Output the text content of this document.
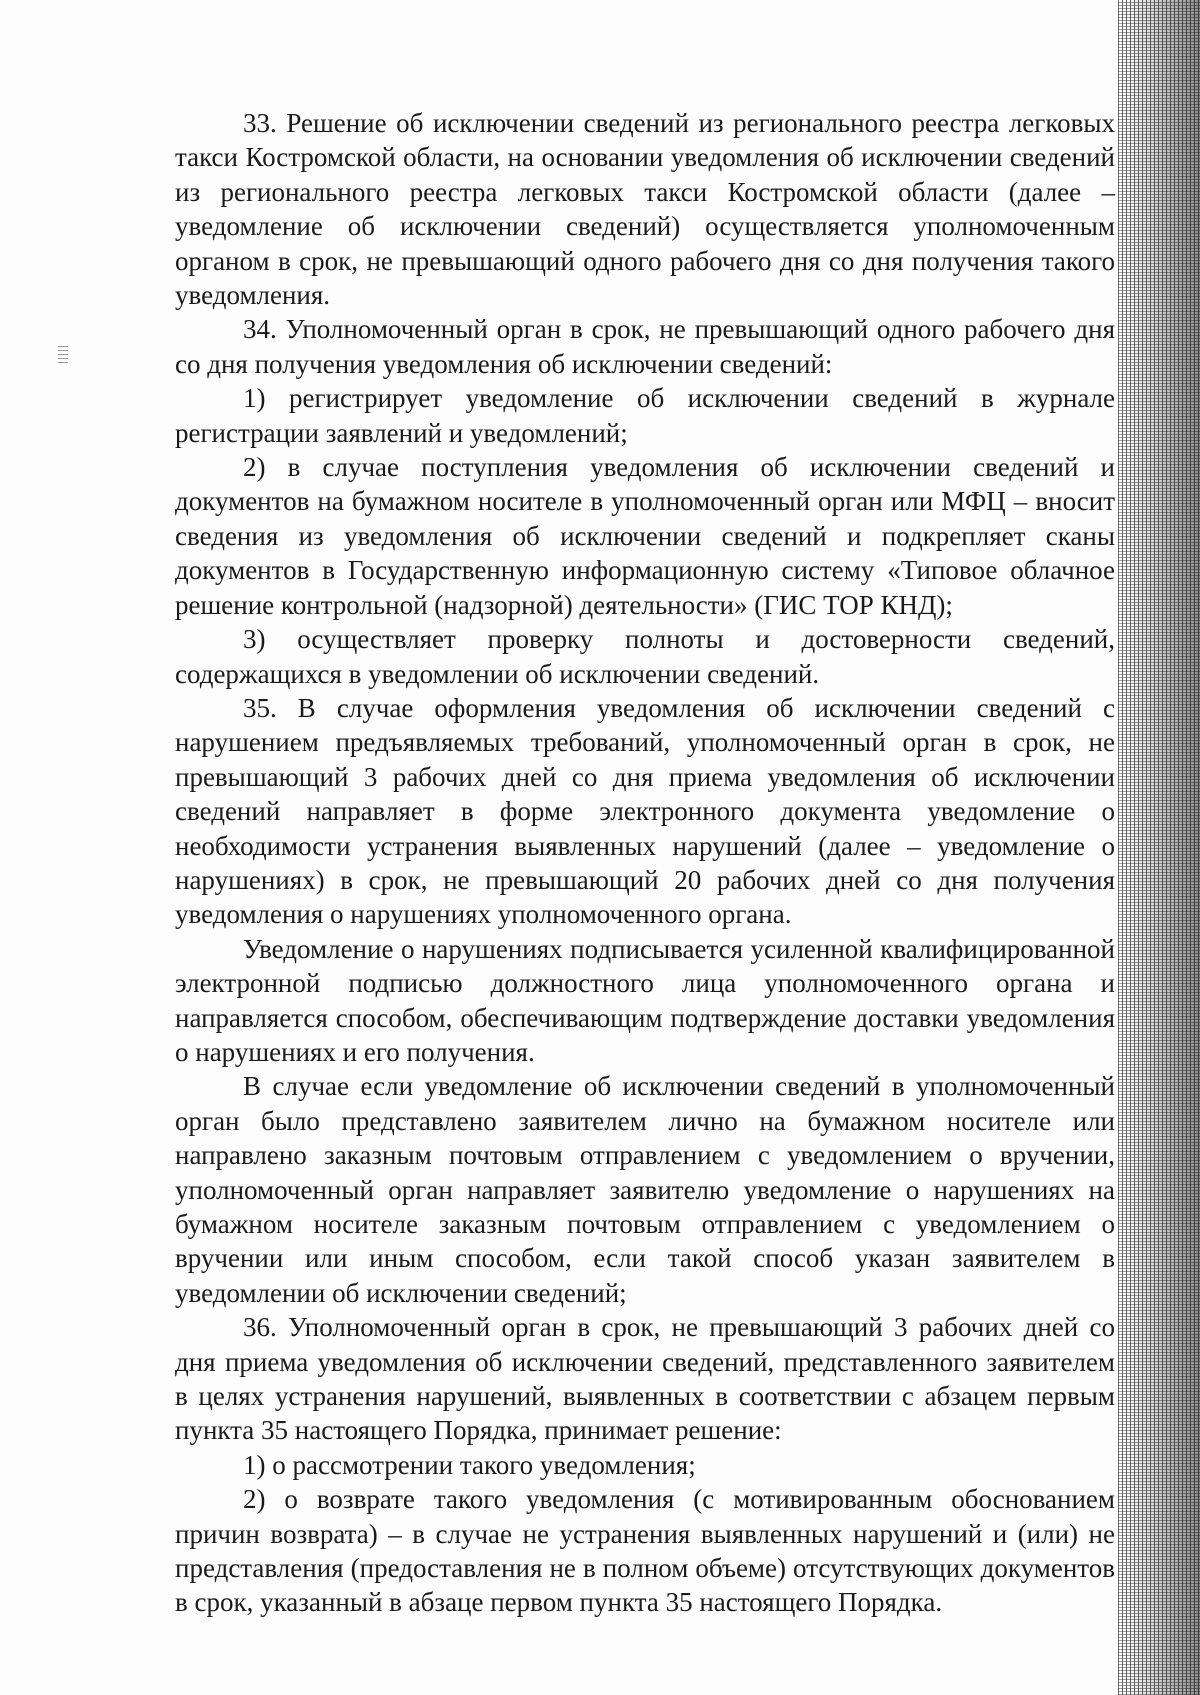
33. Решение об исключении сведений из регионального реестра легковых такси Костромской области, на основании уведомления об исключении сведений из регионального реестра легковых такси Костромской области (далее – уведомление об исключении сведений) осуществляется уполномоченным органом в срок, не превышающий одного рабочего дня со дня получения такого уведомления.

34. Уполномоченный орган в срок, не превышающий одного рабочего дня со дня получения уведомления об исключении сведений:

1) регистрирует уведомление об исключении сведений в журнале регистрации заявлений и уведомлений;

2) в случае поступления уведомления об исключении сведений и документов на бумажном носителе в уполномоченный орган или МФЦ – вносит сведения из уведомления об исключении сведений и подкрепляет сканы документов в Государственную информационную систему «Типовое облачное решение контрольной (надзорной) деятельности» (ГИС ТОР КНД);

3) осуществляет проверку полноты и достоверности сведений, содержащихся в уведомлении об исключении сведений.

35. В случае оформления уведомления об исключении сведений с нарушением предъявляемых требований, уполномоченный орган в срок, не превышающий 3 рабочих дней со дня приема уведомления об исключении сведений направляет в форме электронного документа уведомление о необходимости устранения выявленных нарушений (далее – уведомление о нарушениях) в срок, не превышающий 20 рабочих дней со дня получения уведомления о нарушениях уполномоченного органа.

Уведомление о нарушениях подписывается усиленной квалифицированной электронной подписью должностного лица уполномоченного органа и направляется способом, обеспечивающим подтверждение доставки уведомления о нарушениях и его получения.

В случае если уведомление об исключении сведений в уполномоченный орган было представлено заявителем лично на бумажном носителе или направлено заказным почтовым отправлением с уведомлением о вручении, уполномоченный орган направляет заявителю уведомление о нарушениях на бумажном носителе заказным почтовым отправлением с уведомлением о вручении или иным способом, если такой способ указан заявителем в уведомлении об исключении сведений;

36. Уполномоченный орган в срок, не превышающий 3 рабочих дней со дня приема уведомления об исключении сведений, представленного заявителем в целях устранения нарушений, выявленных в соответствии с абзацем первым пункта 35 настоящего Порядка, принимает решение:

1) о рассмотрении такого уведомления;

2) о возврате такого уведомления (с мотивированным обоснованием причин возврата) – в случае не устранения выявленных нарушений и (или) не представления (предоставления не в полном объеме) отсутствующих документов в срок, указанный в абзаце первом пункта 35 настоящего Порядка.
